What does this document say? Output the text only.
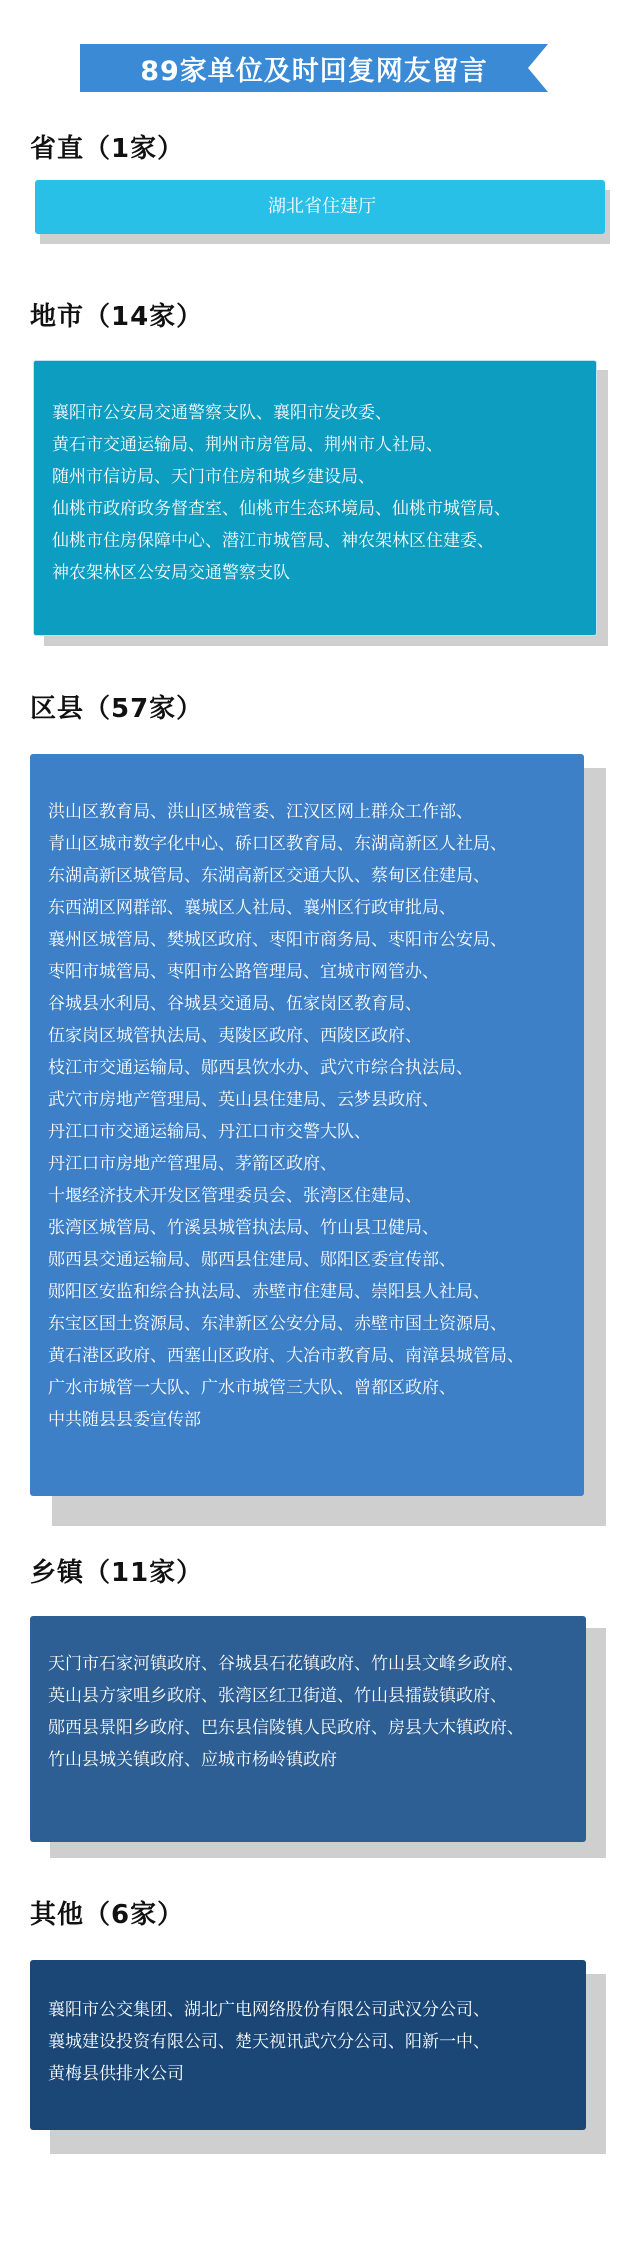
89家单位及时回复网友留言
省直（1家）
湖北省住建厅
地市（14家）
襄阳市公安局交通警察支队、襄阳市发改委、
黄石市交通运输局、荆州市房管局、荆州市人社局、
随州市信访局、天门市住房和城乡建设局、
仙桃市政府政务督查室、仙桃市生态环境局、仙桃市城管局、
仙桃市住房保障中心、潜江市城管局、神农架林区住建委、
神农架林区公安局交通警察支队
区县（57家）
洪山区教育局、洪山区城管委、江汉区网上群众工作部、
青山区城市数字化中心、硚口区教育局、东湖高新区人社局、
东湖高新区城管局、东湖高新区交通大队、蔡甸区住建局、
东西湖区网群部、襄城区人社局、襄州区行政审批局、
襄州区城管局、樊城区政府、枣阳市商务局、枣阳市公安局、
枣阳市城管局、枣阳市公路管理局、宜城市网管办、
谷城县水利局、谷城县交通局、伍家岗区教育局、
伍家岗区城管执法局、夷陵区政府、西陵区政府、
枝江市交通运输局、郧西县饮水办、武穴市综合执法局、
武穴市房地产管理局、英山县住建局、云梦县政府、
丹江口市交通运输局、丹江口市交警大队、
丹江口市房地产管理局、茅箭区政府、
十堰经济技术开发区管理委员会、张湾区住建局、
张湾区城管局、竹溪县城管执法局、竹山县卫健局、
郧西县交通运输局、郧西县住建局、郧阳区委宣传部、
郧阳区安监和综合执法局、赤壁市住建局、崇阳县人社局、
东宝区国土资源局、东津新区公安分局、赤壁市国土资源局、
黄石港区政府、西塞山区政府、大冶市教育局、南漳县城管局、
广水市城管一大队、广水市城管三大队、曾都区政府、
中共随县县委宣传部
乡镇（11家）
天门市石家河镇政府、谷城县石花镇政府、竹山县文峰乡政府、
英山县方家咀乡政府、张湾区红卫街道、竹山县擂鼓镇政府、
郧西县景阳乡政府、巴东县信陵镇人民政府、房县大木镇政府、
竹山县城关镇政府、应城市杨岭镇政府
其他（6家）
襄阳市公交集团、湖北广电网络股份有限公司武汉分公司、
襄城建设投资有限公司、楚天视讯武穴分公司、阳新一中、
黄梅县供排水公司
